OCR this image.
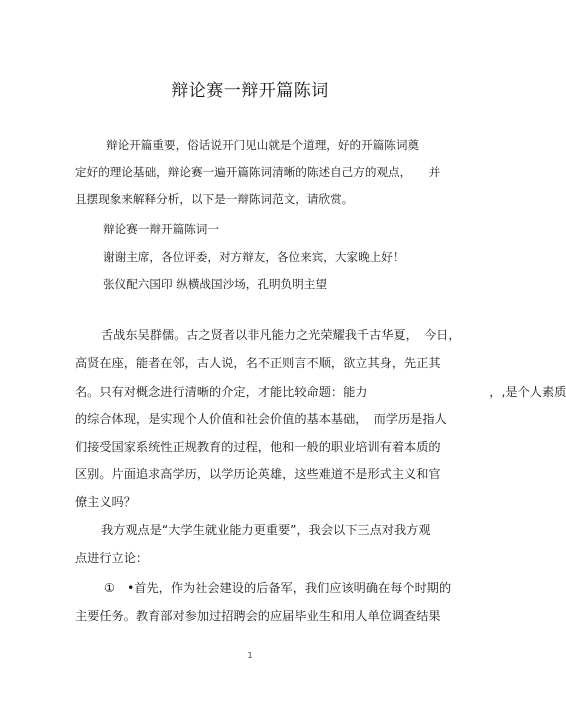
辩论赛一辩开篇陈词
辩论开篇重要，俗话说开门见山就是个道理，好的开篇陈词奠
定好的理论基础，辩论赛一遍开篇陈词清晰的陈述自己方的观点，　　并
且摆现象来解释分析，以下是一辩陈词范文，请欣赏。
辩论赛一辩开篇陈词一
谢谢主席，各位评委，对方辩友，各位来宾，大家晚上好！
张仪配六国印 纵横战国沙场，孔明负明主望
舌战东吴群儒。古之贤者以非凡能力之光荣耀我千古华夏，　今日，
高贤在座，能者在邻，古人说，名不正则言不顺，欲立其身，先正其
名。只有对概念进行清晰的介定，才能比较命题：能力　　　　　　　　　　，,是个人素质
的综合体现，是实现个人价值和社会价值的基本基础，　而学历是指人
们接受国家系统性正规教育的过程，他和一般的职业培训有着本质的
区别。片面追求高学历，以学历论英雄，这些难道不是形式主义和官
僚主义吗？
我方观点是“大学生就业能力更重要”，我会以下三点对我方观
点进行立论：
①　•首先，作为社会建设的后备军，我们应该明确在每个时期的
主要任务。教育部对参加过招聘会的应届毕业生和用人单位调查结果
1
